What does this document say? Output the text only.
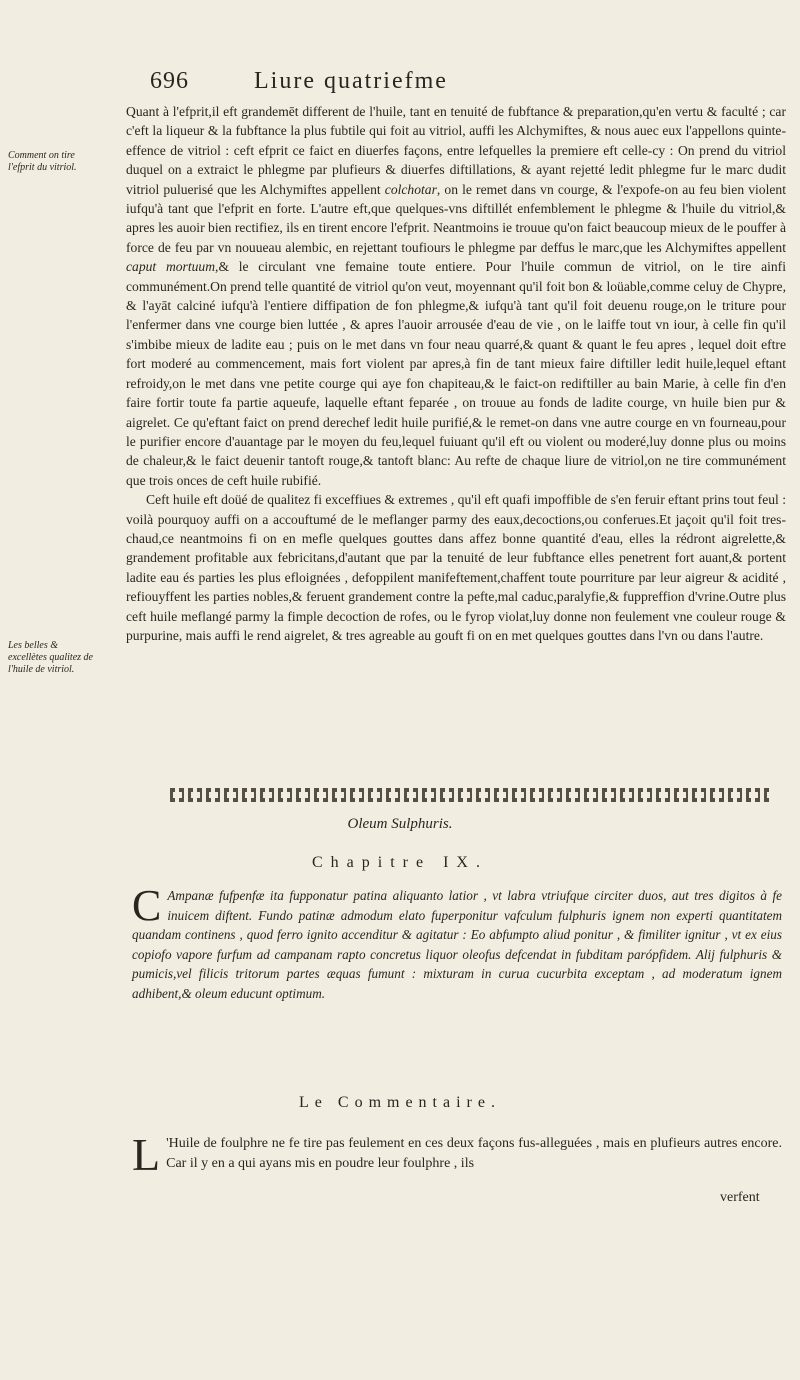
696	Liure quatriefme
Comment on tire l'efprit du vitriol.
Les belles & excellètes qualitez de l'huile de vitriol.

Quant à l'efprit,il eft grandemēt different de l'huile, tant en tenuité de fubftance & preparation,qu'en vertu & faculté ; car c'eft la liqueur & la fubftance la plus fubtile qui foit au vitriol, auffi les Alchymiftes, & nous auec eux l'appellons quinte-effence de vitriol : ceft efprit ce faict en diuerfes façons, entre lefquelles la premiere eft celle-cy : On prend du vitriol duquel on a extraict le phlegme par plufieurs & diuerfes diftillations, & ayant rejetté ledit phlegme fur le marc dudit vitriol puluerisé que les Alchymiftes appellent colchotar, on le remet dans vn courge, & l'expofe-on au feu bien violent iufqu'à tant que l'efprit en forte. L'autre eft,que quelques-vns diftillét enfemblement le phlegme & l'huile du vitriol,& apres les auoir bien rectifiez, ils en tirent encore l'efprit. Neantmoins ie trouue qu'on faict beaucoup mieux de le pouffer à force de feu par vn nouueau alembic, en rejettant toufiours le phlegme par deffus le marc,que les Alchymiftes appellent caput mortuum,& le circulant vne femaine toute entiere. Pour l'huile commun de vitriol, on le tire ainfi communément.On prend telle quantité de vitriol qu'on veut, moyennant qu'il foit bon & loüable,comme celuy de Chypre, & l'ayāt calciné iufqu'à l'entiere diffipation de fon phlegme,& iufqu'à tant qu'il foit deuenu rouge,on le triture pour l'enfermer dans vne courge bien luttée , & apres l'auoir arrousée d'eau de vie , on le laiffe tout vn iour, à celle fin qu'il s'imbibe mieux de ladite eau ; puis on le met dans vn four neau quarré,& quant & quant le feu apres , lequel doit eftre fort moderé au commencement, mais fort violent par apres,à fin de tant mieux faire diftiller ledit huile,lequel eftant refroidy,on le met dans vne petite courge qui aye fon chapiteau,& le faict-on rediftiller au bain Marie, à celle fin d'en faire fortir toute fa partie aqueufe, laquelle eftant feparée , on trouue au fonds de ladite courge, vn huile bien pur & aigrelet. Ce qu'eftant faict on prend derechef ledit huile purifié,& le remet-on dans vne autre courge en vn fourneau,pour le purifier encore d'auantage par le moyen du feu,lequel fuiuant qu'il eft ou violent ou moderé,luy donne plus ou moins de chaleur,& le faict deuenir tantoft rouge,& tantoft blanc: Au refte de chaque liure de vitriol,on ne tire communément que trois onces de ceft huile rubifié.

Ceft huile eft doüé de qualitez fi exceffiues & extremes , qu'il eft quafi impoffible de s'en feruir eftant prins tout feul : voilà pourquoy auffi on a accouftumé de le meflanger parmy des eaux,decoctions,ou conferues.Et jaçoit qu'il foit tres-chaud,ce neantmoins fi on en mefle quelques gouttes dans affez bonne quantité d'eau, elles la rédront aigrelette,& grandement profitable aux febricitans,d'autant que par la tenuité de leur fubftance elles penetrent fort auant,& portent ladite eau és parties les plus efloignées , defoppilent manifeftement,chaffent toute pourriture par leur aigreur & acidité , refiouyffent les parties nobles,& feruent grandement contre la pefte,mal caduc,paralyfie,& fuppreffion d'vrine.Outre plus ceft huile meflangé parmy la fimple decoction de rofes, ou le fyrop violat,luy donne non feulement vne couleur rouge & purpurine, mais auffi le rend aigrelet, & tres agreable au gouft fi on en met quelques gouttes dans l'vn ou dans l'autre.

Oleum Sulphuris.
Chapitre IX.
C Ampanæ fufpenfæ ita fupponatur patina aliquanto latior , vt labra vtriufque circiter duos, aut tres digitos à fe inuicem diftent. Fundo patinæ admodum elato fuperponitur vafculum fulphuris ignem non experti quantitatem quandam continens , quod ferro ignito accenditur & agitatur : Eo abfumpto aliud ponitur , & fimiliter ignitur , vt ex eius copiofo vapore furfum ad campanam rapto concretus liquor oleofus defcendat in fubditam parópfidem. Alij fulphuris & pumicis,vel filicis tritorum partes æquas fumunt : mixturam in curua cucurbita exceptam , ad moderatum ignem adhibent,& oleum educunt optimum.
Le Commentaire.
L 'Huile de foulphre ne fe tire pas feulement en ces deux façons fus-alleguées , mais en plufieurs autres encore. Car il y en a qui ayans mis en poudre leur foulphre , ils
verfent
